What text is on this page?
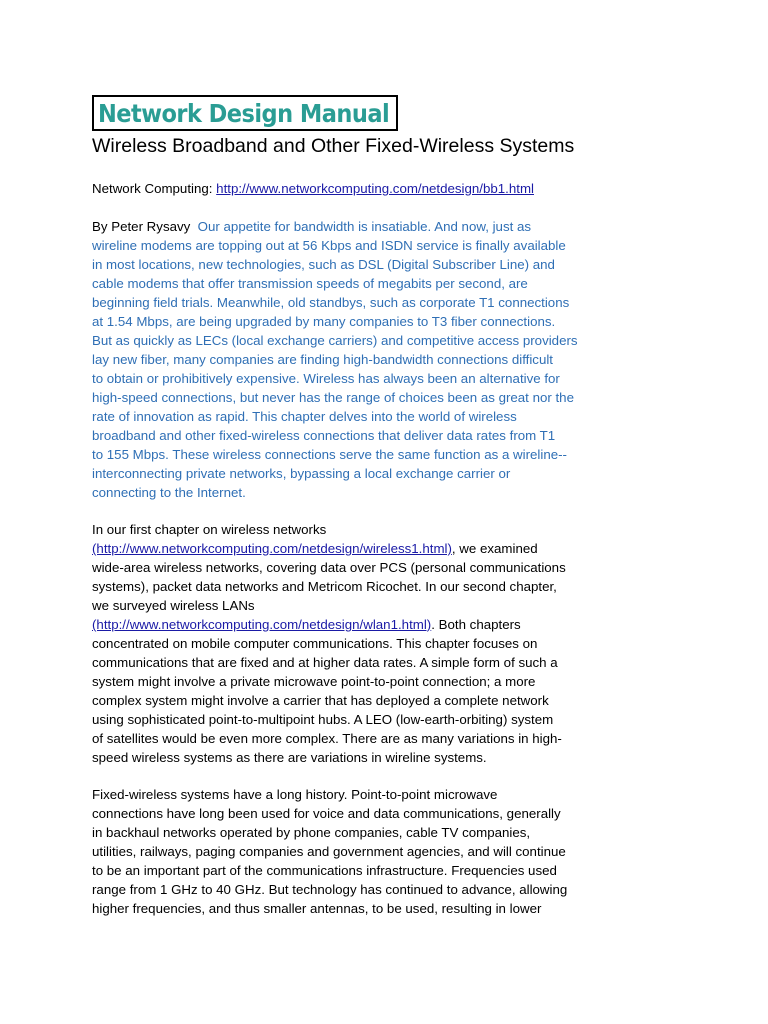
Network Design Manual
Wireless Broadband and Other Fixed-Wireless Systems
Network Computing: http://www.networkcomputing.com/netdesign/bb1.html
By Peter Rysavy Our appetite for bandwidth is insatiable. And now, just as
wireline modems are topping out at 56 Kbps and ISDN service is finally available
in most locations, new technologies, such as DSL (Digital Subscriber Line) and
cable modems that offer transmission speeds of megabits per second, are
beginning field trials. Meanwhile, old standbys, such as corporate T1 connections
at 1.54 Mbps, are being upgraded by many companies to T3 fiber connections.
But as quickly as LECs (local exchange carriers) and competitive access providers
lay new fiber, many companies are finding high-bandwidth connections difficult
to obtain or prohibitively expensive. Wireless has always been an alternative for
high-speed connections, but never has the range of choices been as great nor the
rate of innovation as rapid. This chapter delves into the world of wireless
broadband and other fixed-wireless connections that deliver data rates from T1
to 155 Mbps. These wireless connections serve the same function as a wireline--
interconnecting private networks, bypassing a local exchange carrier or
connecting to the Internet.
In our first chapter on wireless networks
(http://www.networkcomputing.com/netdesign/wireless1.html), we examined
wide-area wireless networks, covering data over PCS (personal communications
systems), packet data networks and Metricom Ricochet. In our second chapter,
we surveyed wireless LANs
(http://www.networkcomputing.com/netdesign/wlan1.html). Both chapters
concentrated on mobile computer communications. This chapter focuses on
communications that are fixed and at higher data rates. A simple form of such a
system might involve a private microwave point-to-point connection; a more
complex system might involve a carrier that has deployed a complete network
using sophisticated point-to-multipoint hubs. A LEO (low-earth-orbiting) system
of satellites would be even more complex. There are as many variations in high-
speed wireless systems as there are variations in wireline systems.
Fixed-wireless systems have a long history. Point-to-point microwave
connections have long been used for voice and data communications, generally
in backhaul networks operated by phone companies, cable TV companies,
utilities, railways, paging companies and government agencies, and will continue
to be an important part of the communications infrastructure. Frequencies used
range from 1 GHz to 40 GHz. But technology has continued to advance, allowing
higher frequencies, and thus smaller antennas, to be used, resulting in lower
